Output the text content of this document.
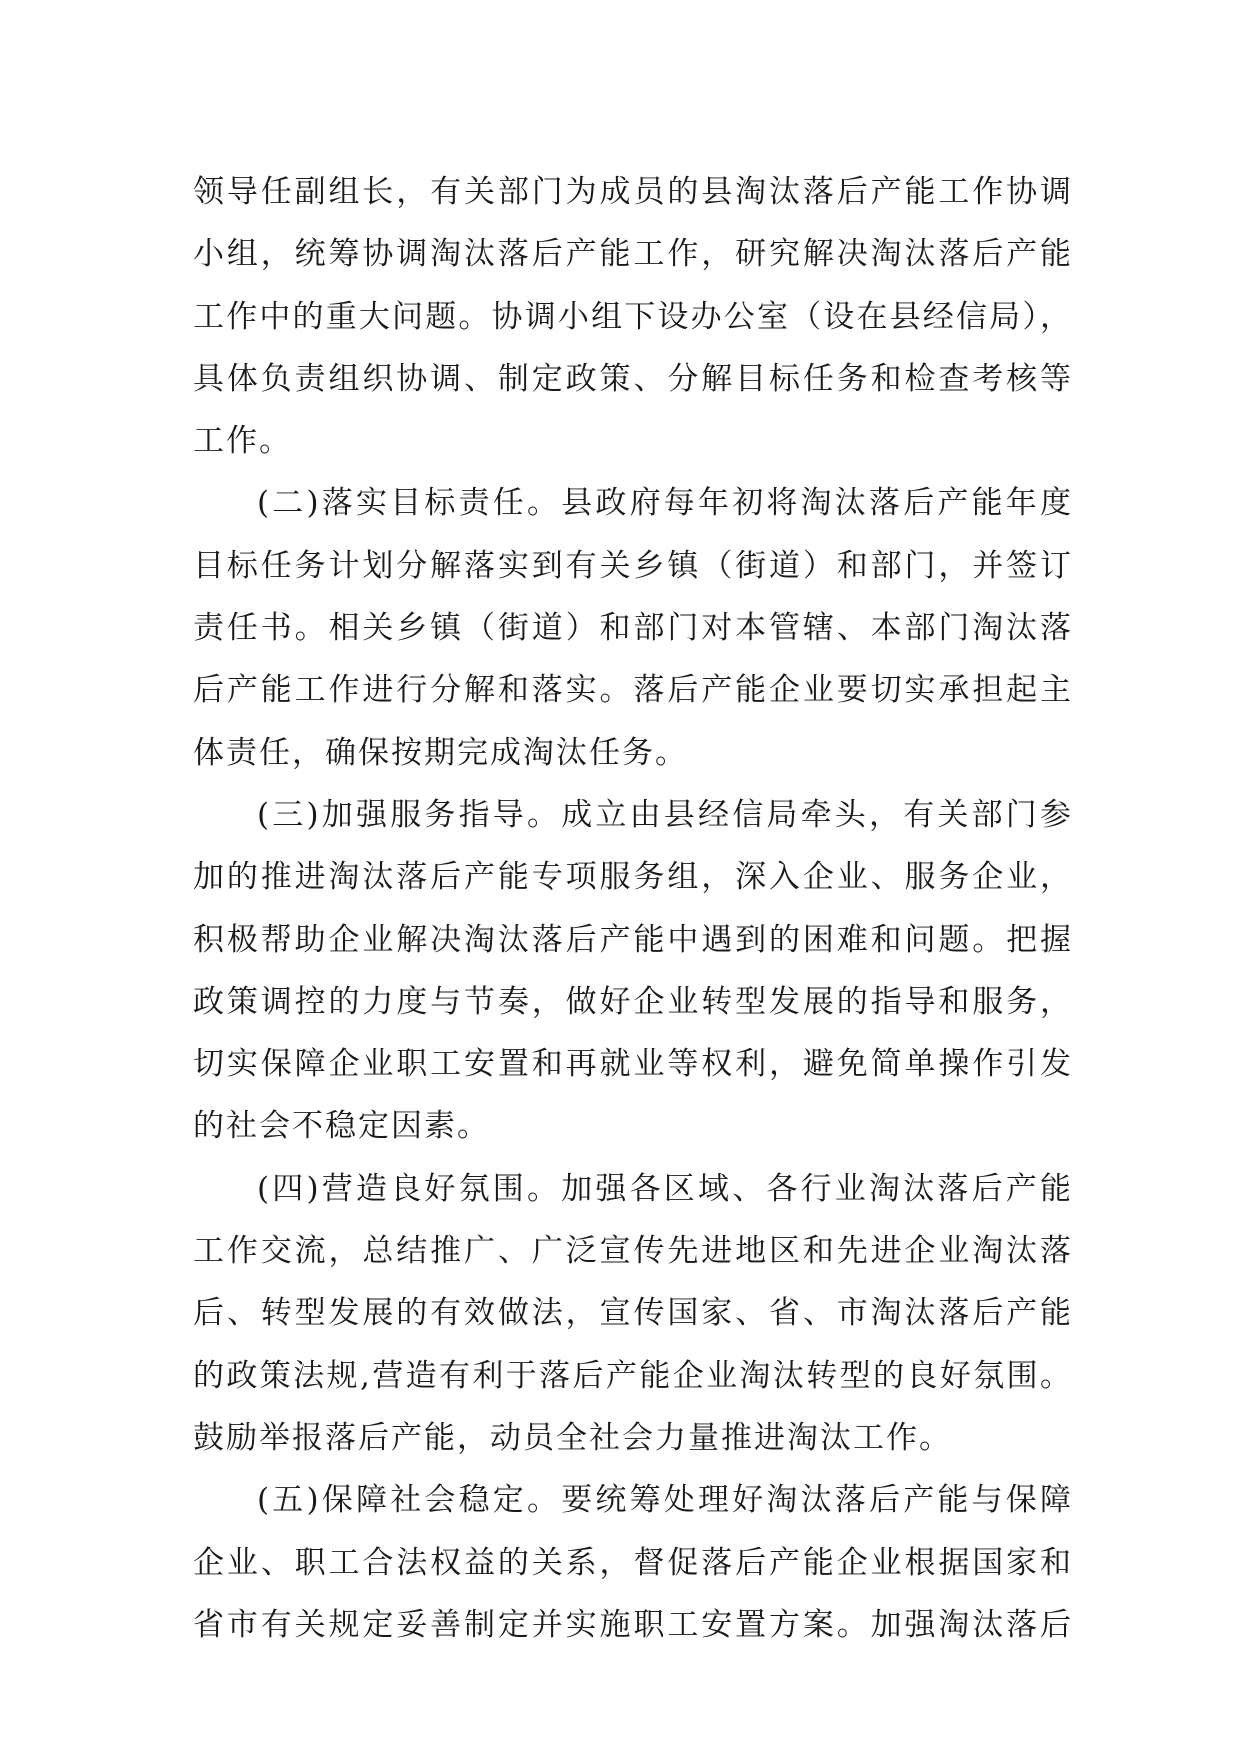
领导任副组长，有关部门为成员的县淘汰落后产能工作协调
小组，统筹协调淘汰落后产能工作，研究解决淘汰落后产能
工作中的重大问题。协调小组下设办公室（设在县经信局），
具体负责组织协调、制定政策、分解目标任务和检查考核等
工作。
(二)落实目标责任。县政府每年初将淘汰落后产能年度
目标任务计划分解落实到有关乡镇（街道）和部门，并签订
责任书。相关乡镇（街道）和部门对本管辖、本部门淘汰落
后产能工作进行分解和落实。落后产能企业要切实承担起主
体责任，确保按期完成淘汰任务。
(三)加强服务指导。成立由县经信局牵头，有关部门参
加的推进淘汰落后产能专项服务组，深入企业、服务企业，
积极帮助企业解决淘汰落后产能中遇到的困难和问题。把握
政策调控的力度与节奏，做好企业转型发展的指导和服务，
切实保障企业职工安置和再就业等权利，避免简单操作引发
的社会不稳定因素。
(四)营造良好氛围。加强各区域、各行业淘汰落后产能
工作交流，总结推广、广泛宣传先进地区和先进企业淘汰落
后、转型发展的有效做法，宣传国家、省、市淘汰落后产能
的政策法规,营造有利于落后产能企业淘汰转型的良好氛围。
鼓励举报落后产能，动员全社会力量推进淘汰工作。
(五)保障社会稳定。要统筹处理好淘汰落后产能与保障
企业、职工合法权益的关系，督促落后产能企业根据国家和
省市有关规定妥善制定并实施职工安置方案。加强淘汰落后
